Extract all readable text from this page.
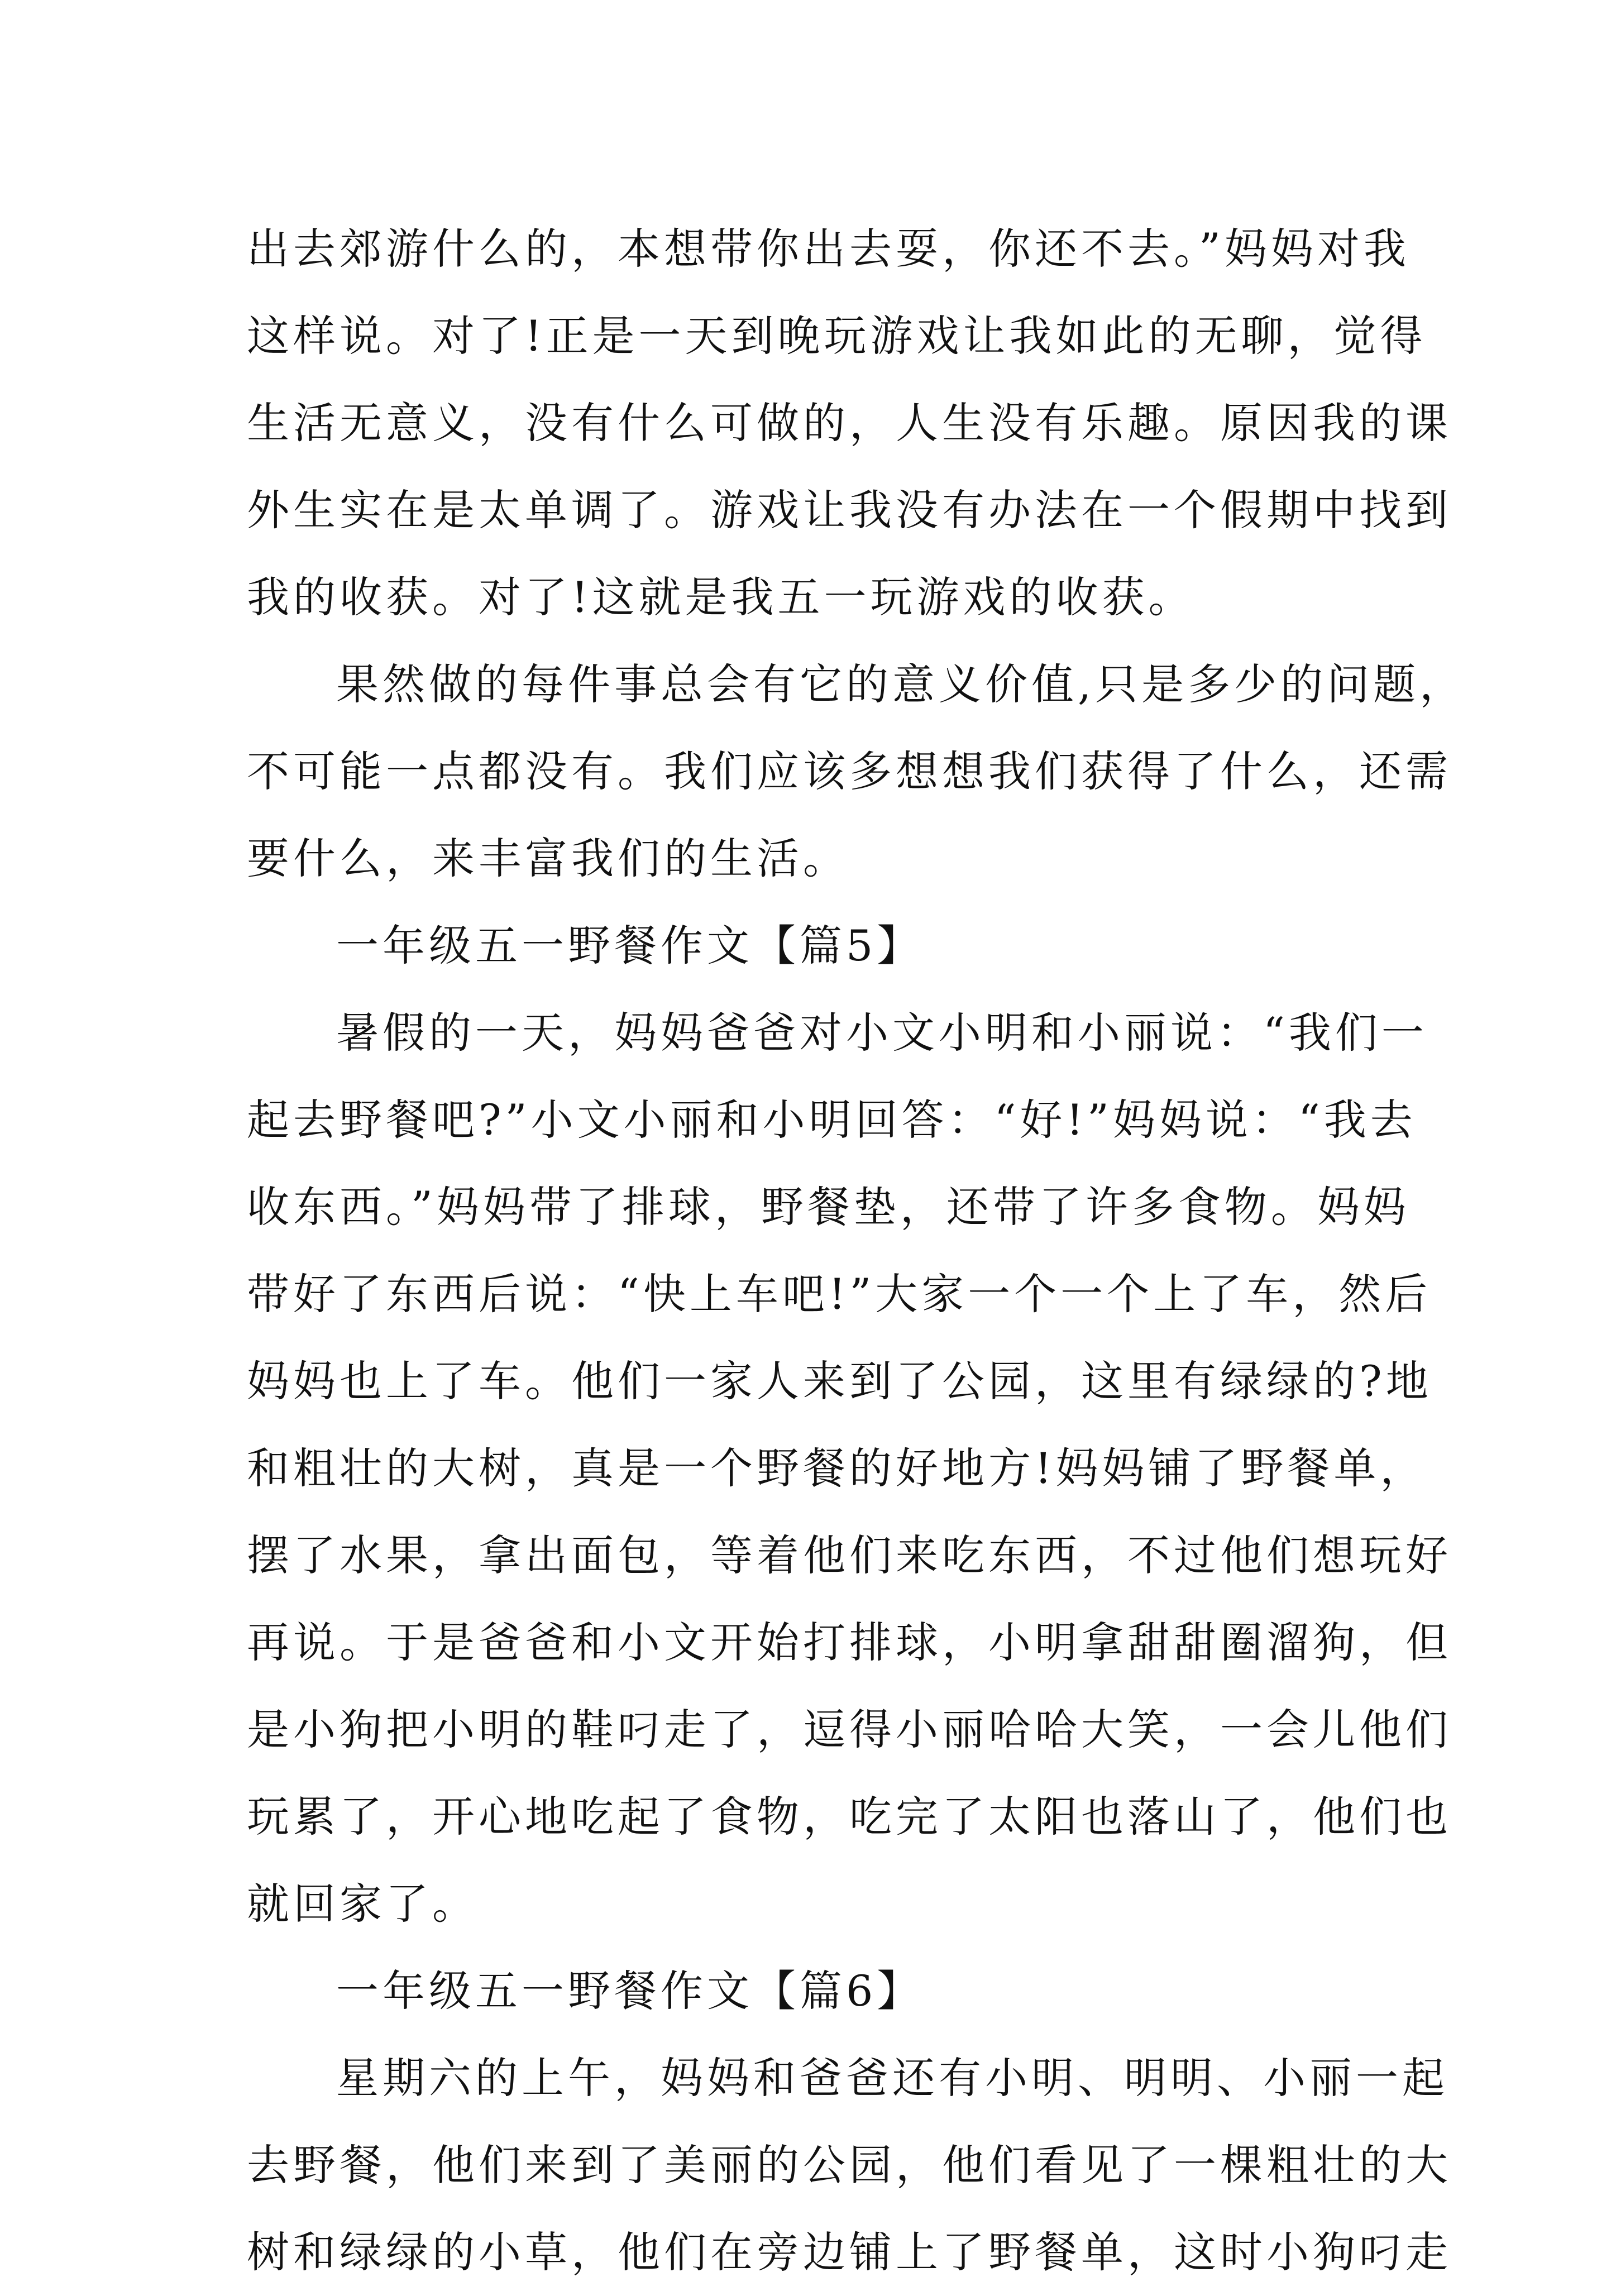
出去郊游什么的，本想带你出去耍，你还不去。”妈妈对我
这样说。对了!正是一天到晚玩游戏让我如此的无聊，觉得
生活无意义，没有什么可做的，人生没有乐趣。原因我的课
外生实在是太单调了。游戏让我没有办法在一个假期中找到
我的收获。对了!这就是我五一玩游戏的收获。
果然做的每件事总会有它的意义价值,只是多少的问题，
不可能一点都没有。我们应该多想想我们获得了什么，还需
要什么，来丰富我们的生活。
一年级五一野餐作文【篇5】
暑假的一天，妈妈爸爸对小文小明和小丽说：“我们一
起去野餐吧?”小文小丽和小明回答：“好!”妈妈说：“我去
收东西。”妈妈带了排球，野餐垫，还带了许多食物。妈妈
带好了东西后说：“快上车吧!”大家一个一个上了车，然后
妈妈也上了车。他们一家人来到了公园，这里有绿绿的?地
和粗壮的大树，真是一个野餐的好地方!妈妈铺了野餐单，
摆了水果，拿出面包，等着他们来吃东西，不过他们想玩好
再说。于是爸爸和小文开始打排球，小明拿甜甜圈溜狗，但
是小狗把小明的鞋叼走了，逗得小丽哈哈大笑，一会儿他们
玩累了，开心地吃起了食物，吃完了太阳也落山了，他们也
就回家了。
一年级五一野餐作文【篇6】
星期六的上午，妈妈和爸爸还有小明、明明、小丽一起
去野餐，他们来到了美丽的公园，他们看见了一棵粗壮的大
树和绿绿的小草，他们在旁边铺上了野餐单，这时小狗叼走
